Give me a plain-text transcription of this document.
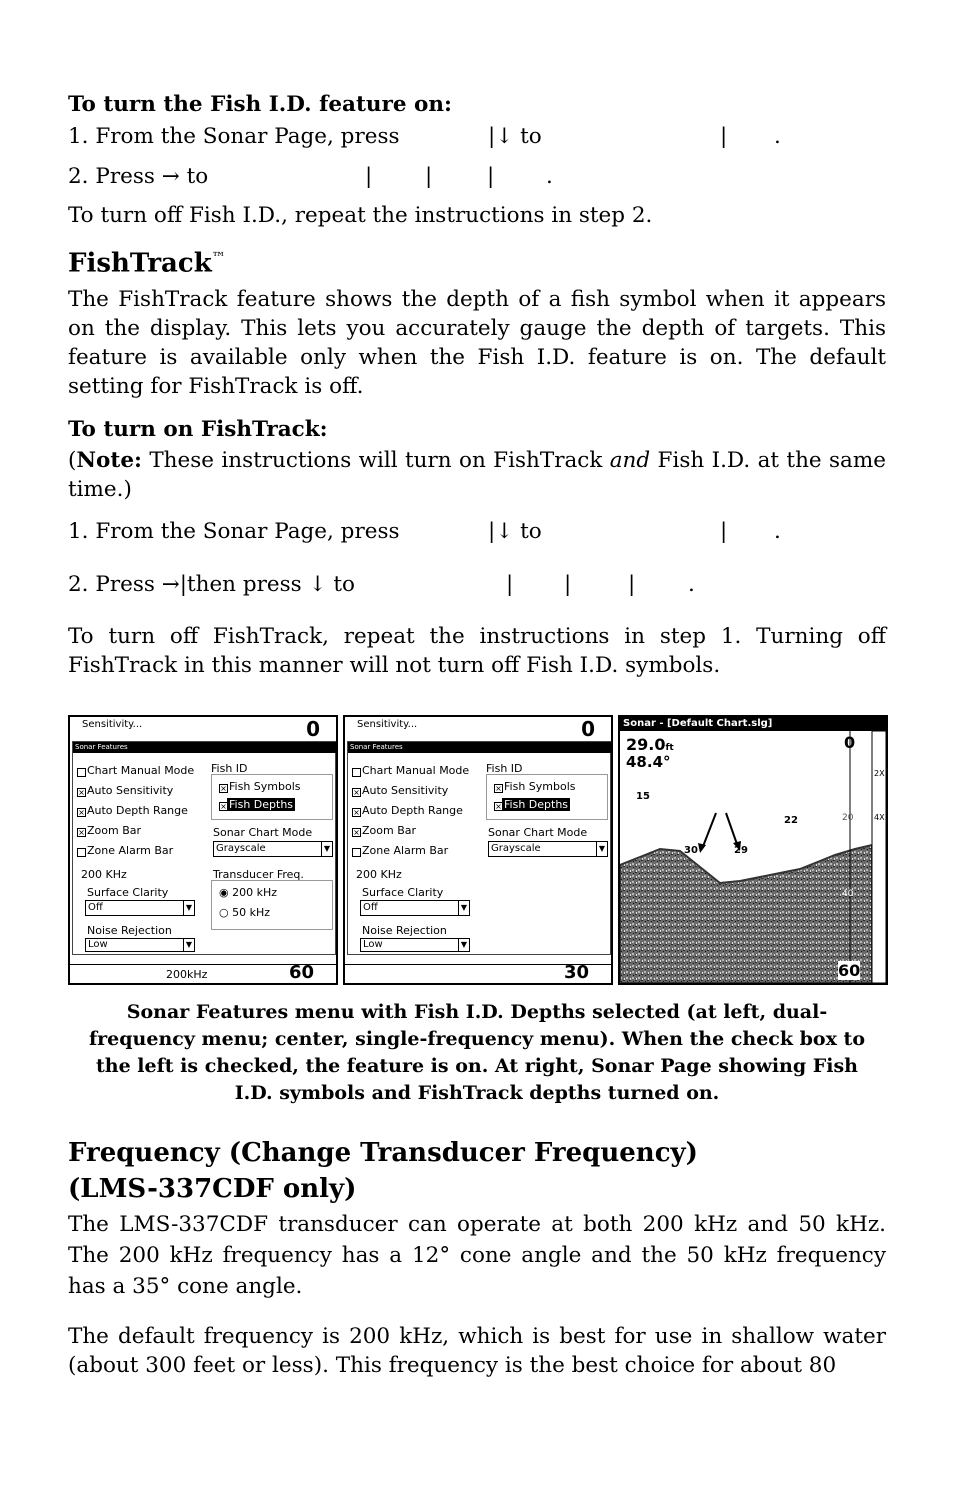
To turn the Fish I.D. feature on:

1. From the Sonar Page, press	|↓ to	| .
2. Press → to	| |	| .

To turn off Fish I.D., repeat the instructions in step 2.

FishTrack™

The FishTrack feature shows the depth of a fish symbol when it appears on the display. This lets you accurately gauge the depth of targets. This feature is available only when the Fish I.D. feature is on. The default setting for FishTrack is off.

To turn on FishTrack:

(Note: These instructions will turn on FishTrack and Fish I.D. at the same time.)

1. From the Sonar Page, press	|↓ to	| .
2. Press →|then press ↓ to	| |	| .

To turn off FishTrack, repeat the instructions in step 1. Turning off FishTrack in this manner will not turn off Fish I.D. symbols.

Sensitivity...	0
Sonar Features
Chart Manual Mode
× Auto Sensitivity
× Auto Depth Range
× Zoom Bar
Zone Alarm Bar
Fish ID
× Fish Symbols
× Fish Depths
Sonar Chart Mode
Grayscale	▼
200 KHz
Surface Clarity
Off	▼
Noise Rejection
Low	▼
Transducer Freq.
◉ 200 kHz
○ 50 kHz
200kHz	60
Sensitivity...	0
Sonar Features
Chart Manual Mode
× Auto Sensitivity
× Auto Depth Range
× Zoom Bar
Zone Alarm Bar
Fish ID
× Fish Symbols
× Fish Depths
Sonar Chart Mode
Grayscale	▼
200 KHz
Surface Clarity
Off	▼
Noise Rejection
Low	▼
30
Sonar - [Default Chart.slg]
29.0ft
48.4°
0
15
30	29
22	20
40
2X
4X
60

Sonar Features menu with Fish I.D. Depths selected (at left, dual-frequency menu; center, single-frequency menu). When the check box to the left is checked, the feature is on. At right, Sonar Page showing Fish I.D. symbols and FishTrack depths turned on.

Frequency (Change Transducer Frequency)
(LMS-337CDF only)

The LMS-337CDF transducer can operate at both 200 kHz and 50 kHz. The 200 kHz frequency has a 12° cone angle and the 50 kHz frequency has a 35° cone angle.

The default frequency is 200 kHz, which is best for use in shallow water (about 300 feet or less). This frequency is the best choice for about 80
